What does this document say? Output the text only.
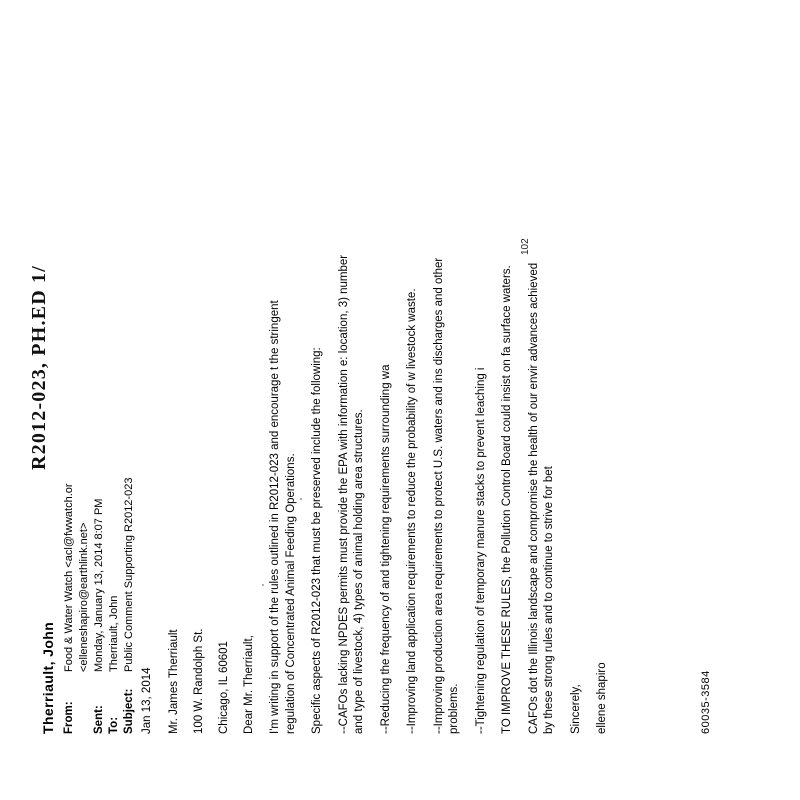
R2012-023, PH.ED 1/
Therriault, John From:
Food & Water Watch <acl@fwwatch.or <elleneshapiro@earthlink.net>
Sent:
Monday, January 13, 2014 8:07 PM
To:
Therriault, John
Subject:
Public Comment Supporting R2012-023

Jan 13, 2014 Mr. James Therriault 100 W. Randolph St. Chicago, IL 60601 Dear Mr. Therriault, I'm writing in support of the rules outlined in R2012-023 and encourage t the stringent regulation of Concentrated Animal Feeding Operations. Specific aspects of R2012-023 that must be preserved include the following: --CAFOs lacking NPDES permits must provide the EPA with information e: location, 3) number and type of livestock, 4) types of animal holding area structures. --Reducing the frequency of and tightening requirements surrounding wa --Improving land application requirements to reduce the probability of w livestock waste. --Improving production area requirements to protect U.S. waters and ins discharges and other problems. --Tightening regulation of temporary manure stacks to prevent leaching i TO IMPROVE THESE RULES, the Pollution Control Board could insist on fa surface waters. CAFOs dot the Illinois landscape and compromise the health of our envir advances achieved by these strong rules and to continue to strive for bet Sincerely, ellene shapiro	60035-3584
102
